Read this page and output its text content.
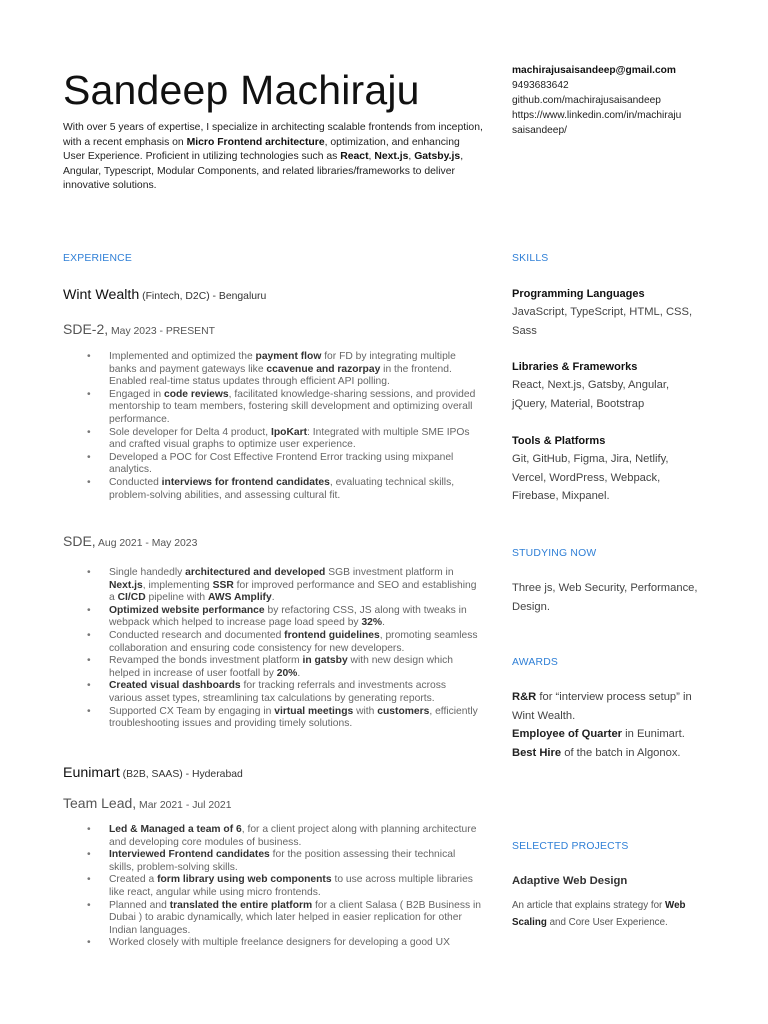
Sandeep Machiraju
With over 5 years of expertise, I specialize in architecting scalable frontends from inception, with a recent emphasis on Micro Frontend architecture, optimization, and enhancing User Experience. Proficient in utilizing technologies such as React, Next.js, Gatsby.js, Angular, Typescript, Modular Components, and related libraries/frameworks to deliver innovative solutions.
machirajusaisandeep@gmail.com
9493683642
github.com/machirajusaisandeep
https://www.linkedin.com/in/machirajusaisandeep/
EXPERIENCE
Wint Wealth (Fintech, D2C) - Bengaluru
SDE-2, May 2023 - PRESENT
• Implemented and optimized the payment flow for FD by integrating multiple banks and payment gateways like ccavenue and razorpay in the frontend. Enabled real-time status updates through efficient API polling.
• Engaged in code reviews, facilitated knowledge-sharing sessions, and provided mentorship to team members, fostering skill development and optimizing overall performance.
• Sole developer for Delta 4 product, IpoKart: Integrated with multiple SME IPOs and crafted visual graphs to optimize user experience.
• Developed a POC for Cost Effective Frontend Error tracking using mixpanel analytics.
• Conducted interviews for frontend candidates, evaluating technical skills, problem-solving abilities, and assessing cultural fit.
SDE, Aug 2021 - May 2023
• Single handedly architectured and developed SGB investment platform in Next.js, implementing SSR for improved performance and SEO and establishing a CI/CD pipeline with AWS Amplify.
• Optimized website performance by refactoring CSS, JS along with tweaks in webpack which helped to increase page load speed by 32%.
• Conducted research and documented frontend guidelines, promoting seamless collaboration and ensuring code consistency for new developers.
• Revamped the bonds investment platform in gatsby with new design which helped in increase of user footfall by 20%.
• Created visual dashboards for tracking referrals and investments across various asset types, streamlining tax calculations by generating reports.
• Supported CX Team by engaging in virtual meetings with customers, efficiently troubleshooting issues and providing timely solutions.
Eunimart (B2B, SAAS) - Hyderabad
Team Lead, Mar 2021 - Jul 2021
• Led & Managed a team of 6, for a client project along with planning architecture and developing core modules of business.
• Interviewed Frontend candidates for the position assessing their technical skills, problem-solving skills.
• Created a form library using web components to use across multiple libraries like react, angular while using micro frontends.
• Planned and translated the entire platform for a client Salasa ( B2B Business in Dubai ) to arabic dynamically, which later helped in easier replication for other Indian languages.
• Worked closely with multiple freelance designers for developing a good UX
SKILLS
Programming Languages
JavaScript, TypeScript, HTML, CSS, Sass
Libraries & Frameworks
React, Next.js, Gatsby, Angular, jQuery, Material, Bootstrap
Tools & Platforms
Git, GitHub, Figma, Jira, Netlify, Vercel, WordPress, Webpack, Firebase, Mixpanel.
STUDYING NOW
Three js, Web Security, Performance, Design.
AWARDS
R&R for “interview process setup” in Wint Wealth.
Employee of Quarter in Eunimart.
Best Hire of the batch in Algonox.
SELECTED PROJECTS
Adaptive Web Design
An article that explains strategy for Web Scaling and Core User Experience.
